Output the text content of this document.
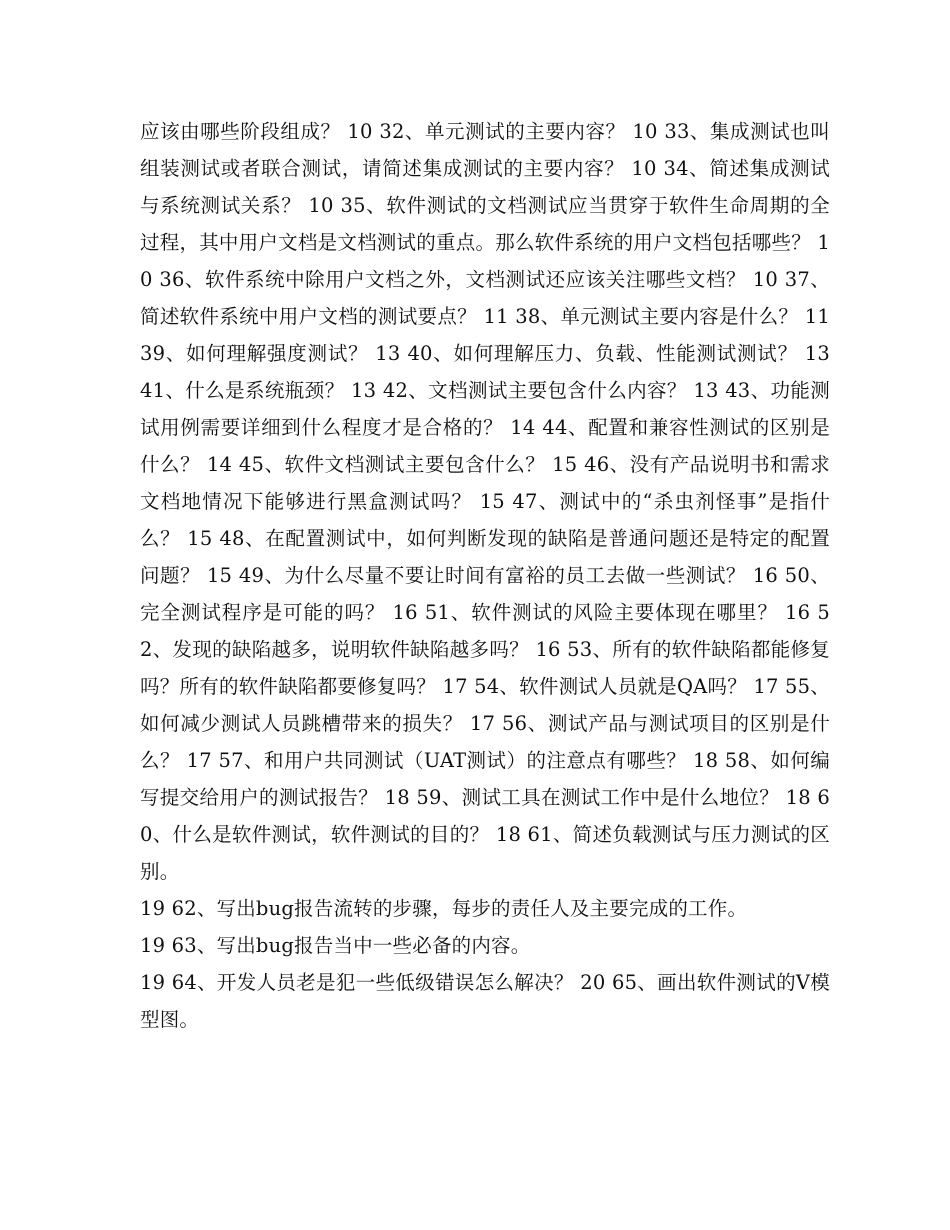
应该由哪些阶段组成？ 10 32、单元测试的主要内容？ 10 33、集成测试也叫组装测试或者联合测试，请简述集成测试的主要内容？ 10 34、简述集成测试与系统测试关系？ 10 35、软件测试的文档测试应当贯穿于软件生命周期的全过程，其中用户文档是文档测试的重点。那么软件系统的用户文档包括哪些？ 10 36、软件系统中除用户文档之外，文档测试还应该关注哪些文档？ 10 37、简述软件系统中用户文档的测试要点？ 11 38、单元测试主要内容是什么？ 11 39、如何理解强度测试？ 13 40、如何理解压力、负载、性能测试测试？ 13 41、什么是系统瓶颈？ 13 42、文档测试主要包含什么内容？ 13 43、功能测试用例需要详细到什么程度才是合格的？ 14 44、配置和兼容性测试的区别是什么？ 14 45、软件文档测试主要包含什么？ 15 46、没有产品说明书和需求文档地情况下能够进行黑盒测试吗？ 15 47、测试中的“杀虫剂怪事”是指什么？ 15 48、在配置测试中，如何判断发现的缺陷是普通问题还是特定的配置问题？ 15 49、为什么尽量不要让时间有富裕的员工去做一些测试？ 16 50、完全测试程序是可能的吗？ 16 51、软件测试的风险主要体现在哪里？ 16 52、发现的缺陷越多，说明软件缺陷越多吗？ 16 53、所有的软件缺陷都能修复吗？所有的软件缺陷都要修复吗？ 17 54、软件测试人员就是QA吗？ 17 55、如何减少测试人员跳槽带来的损失？ 17 56、测试产品与测试项目的区别是什么？ 17 57、和用户共同测试（UAT测试）的注意点有哪些？ 18 58、如何编写提交给用户的测试报告？ 18 59、测试工具在测试工作中是什么地位？ 18 60、什么是软件测试，软件测试的目的？ 18 61、简述负载测试与压力测试的区别。

19 62、写出bug报告流转的步骤，每步的责任人及主要完成的工作。

19 63、写出bug报告当中一些必备的内容。

19 64、开发人员老是犯一些低级错误怎么解决？ 20 65、画出软件测试的V模型图。
